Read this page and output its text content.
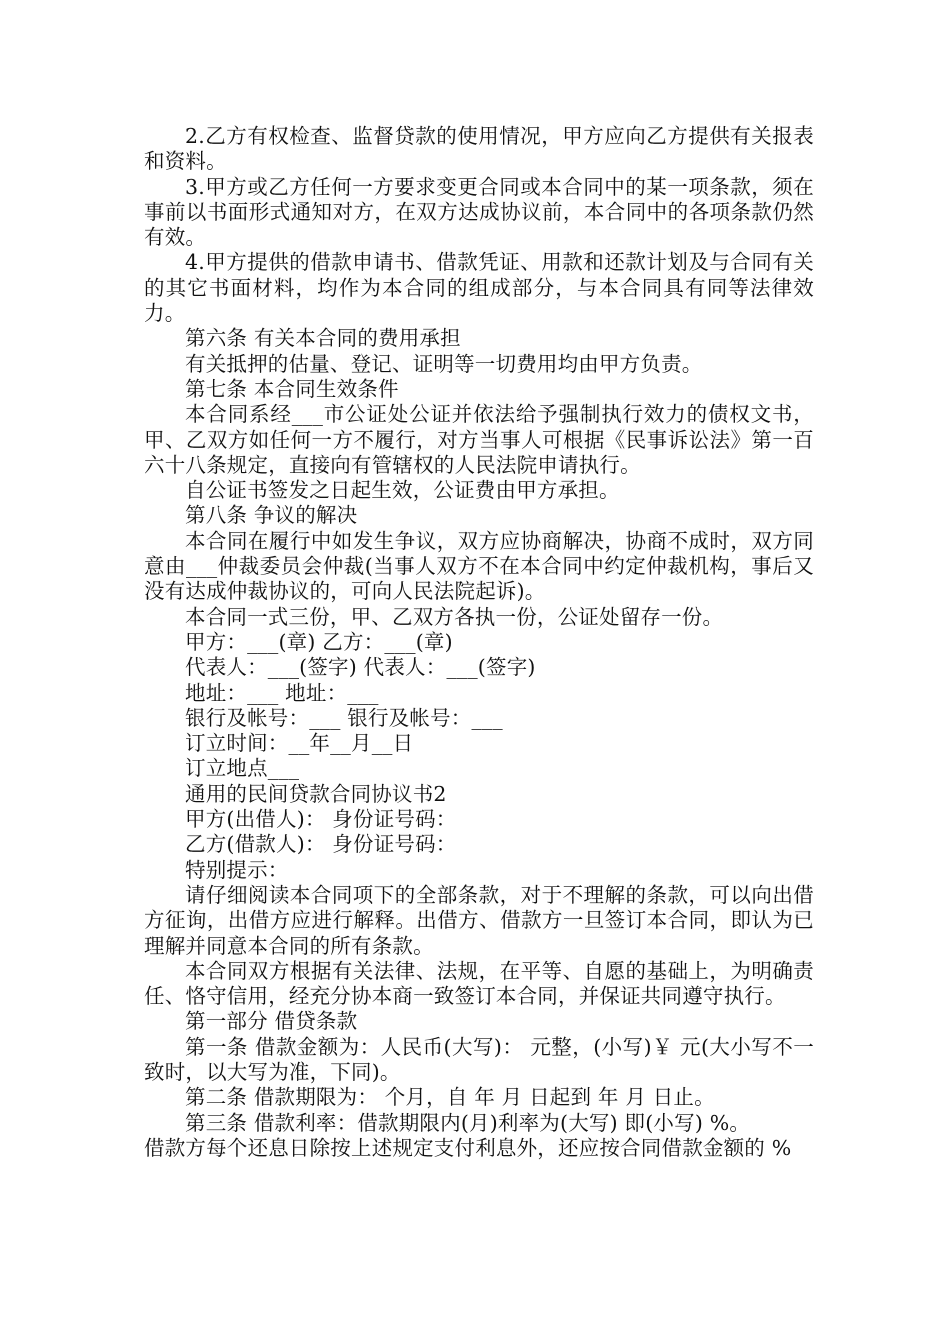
2.乙方有权检查、监督贷款的使用情况，甲方应向乙方提供有关报表和资料。

3.甲方或乙方任何一方要求变更合同或本合同中的某一项条款，须在事前以书面形式通知对方，在双方达成协议前，本合同中的各项条款仍然有效。

4.甲方提供的借款申请书、借款凭证、用款和还款计划及与合同有关的其它书面材料，均作为本合同的组成部分，与本合同具有同等法律效力。

第六条 有关本合同的费用承担

有关抵押的估量、登记、证明等一切费用均由甲方负责。

第七条 本合同生效条件

本合同系经___市公证处公证并依法给予强制执行效力的债权文书，甲、乙双方如任何一方不履行，对方当事人可根据《民事诉讼法》第一百六十八条规定，直接向有管辖权的人民法院申请执行。

自公证书签发之日起生效，公证费由甲方承担。

第八条 争议的解决

本合同在履行中如发生争议，双方应协商解决，协商不成时，双方同意由___仲裁委员会仲裁(当事人双方不在本合同中约定仲裁机构，事后又没有达成仲裁协议的，可向人民法院起诉)。

本合同一式三份，甲、乙双方各执一份，公证处留存一份。

甲方：___(章) 乙方：___(章)

代表人：___(签字) 代表人：___(签字)

地址：___ 地址：___

银行及帐号：___ 银行及帐号：___

订立时间：__年__月__日

订立地点___

通用的民间贷款合同协议书2

甲方(出借人)： 身份证号码：

乙方(借款人)： 身份证号码：

特别提示：

请仔细阅读本合同项下的全部条款，对于不理解的条款，可以向出借方征询，出借方应进行解释。出借方、借款方一旦签订本合同，即认为已理解并同意本合同的所有条款。

本合同双方根据有关法律、法规，在平等、自愿的基础上，为明确责任、恪守信用，经充分协本商一致签订本合同，并保证共同遵守执行。

第一部分 借贷条款

第一条 借款金额为：人民币(大写)： 元整，(小写)￥ 元(大小写不一致时，以大写为准，下同)。

第二条 借款期限为： 个月，自 年 月 日起到 年 月 日止。

第三条 借款利率：借款期限内(月)利率为(大写) 即(小写) %。

借款方每个还息日除按上述规定支付利息外，还应按合同借款金额的 %
